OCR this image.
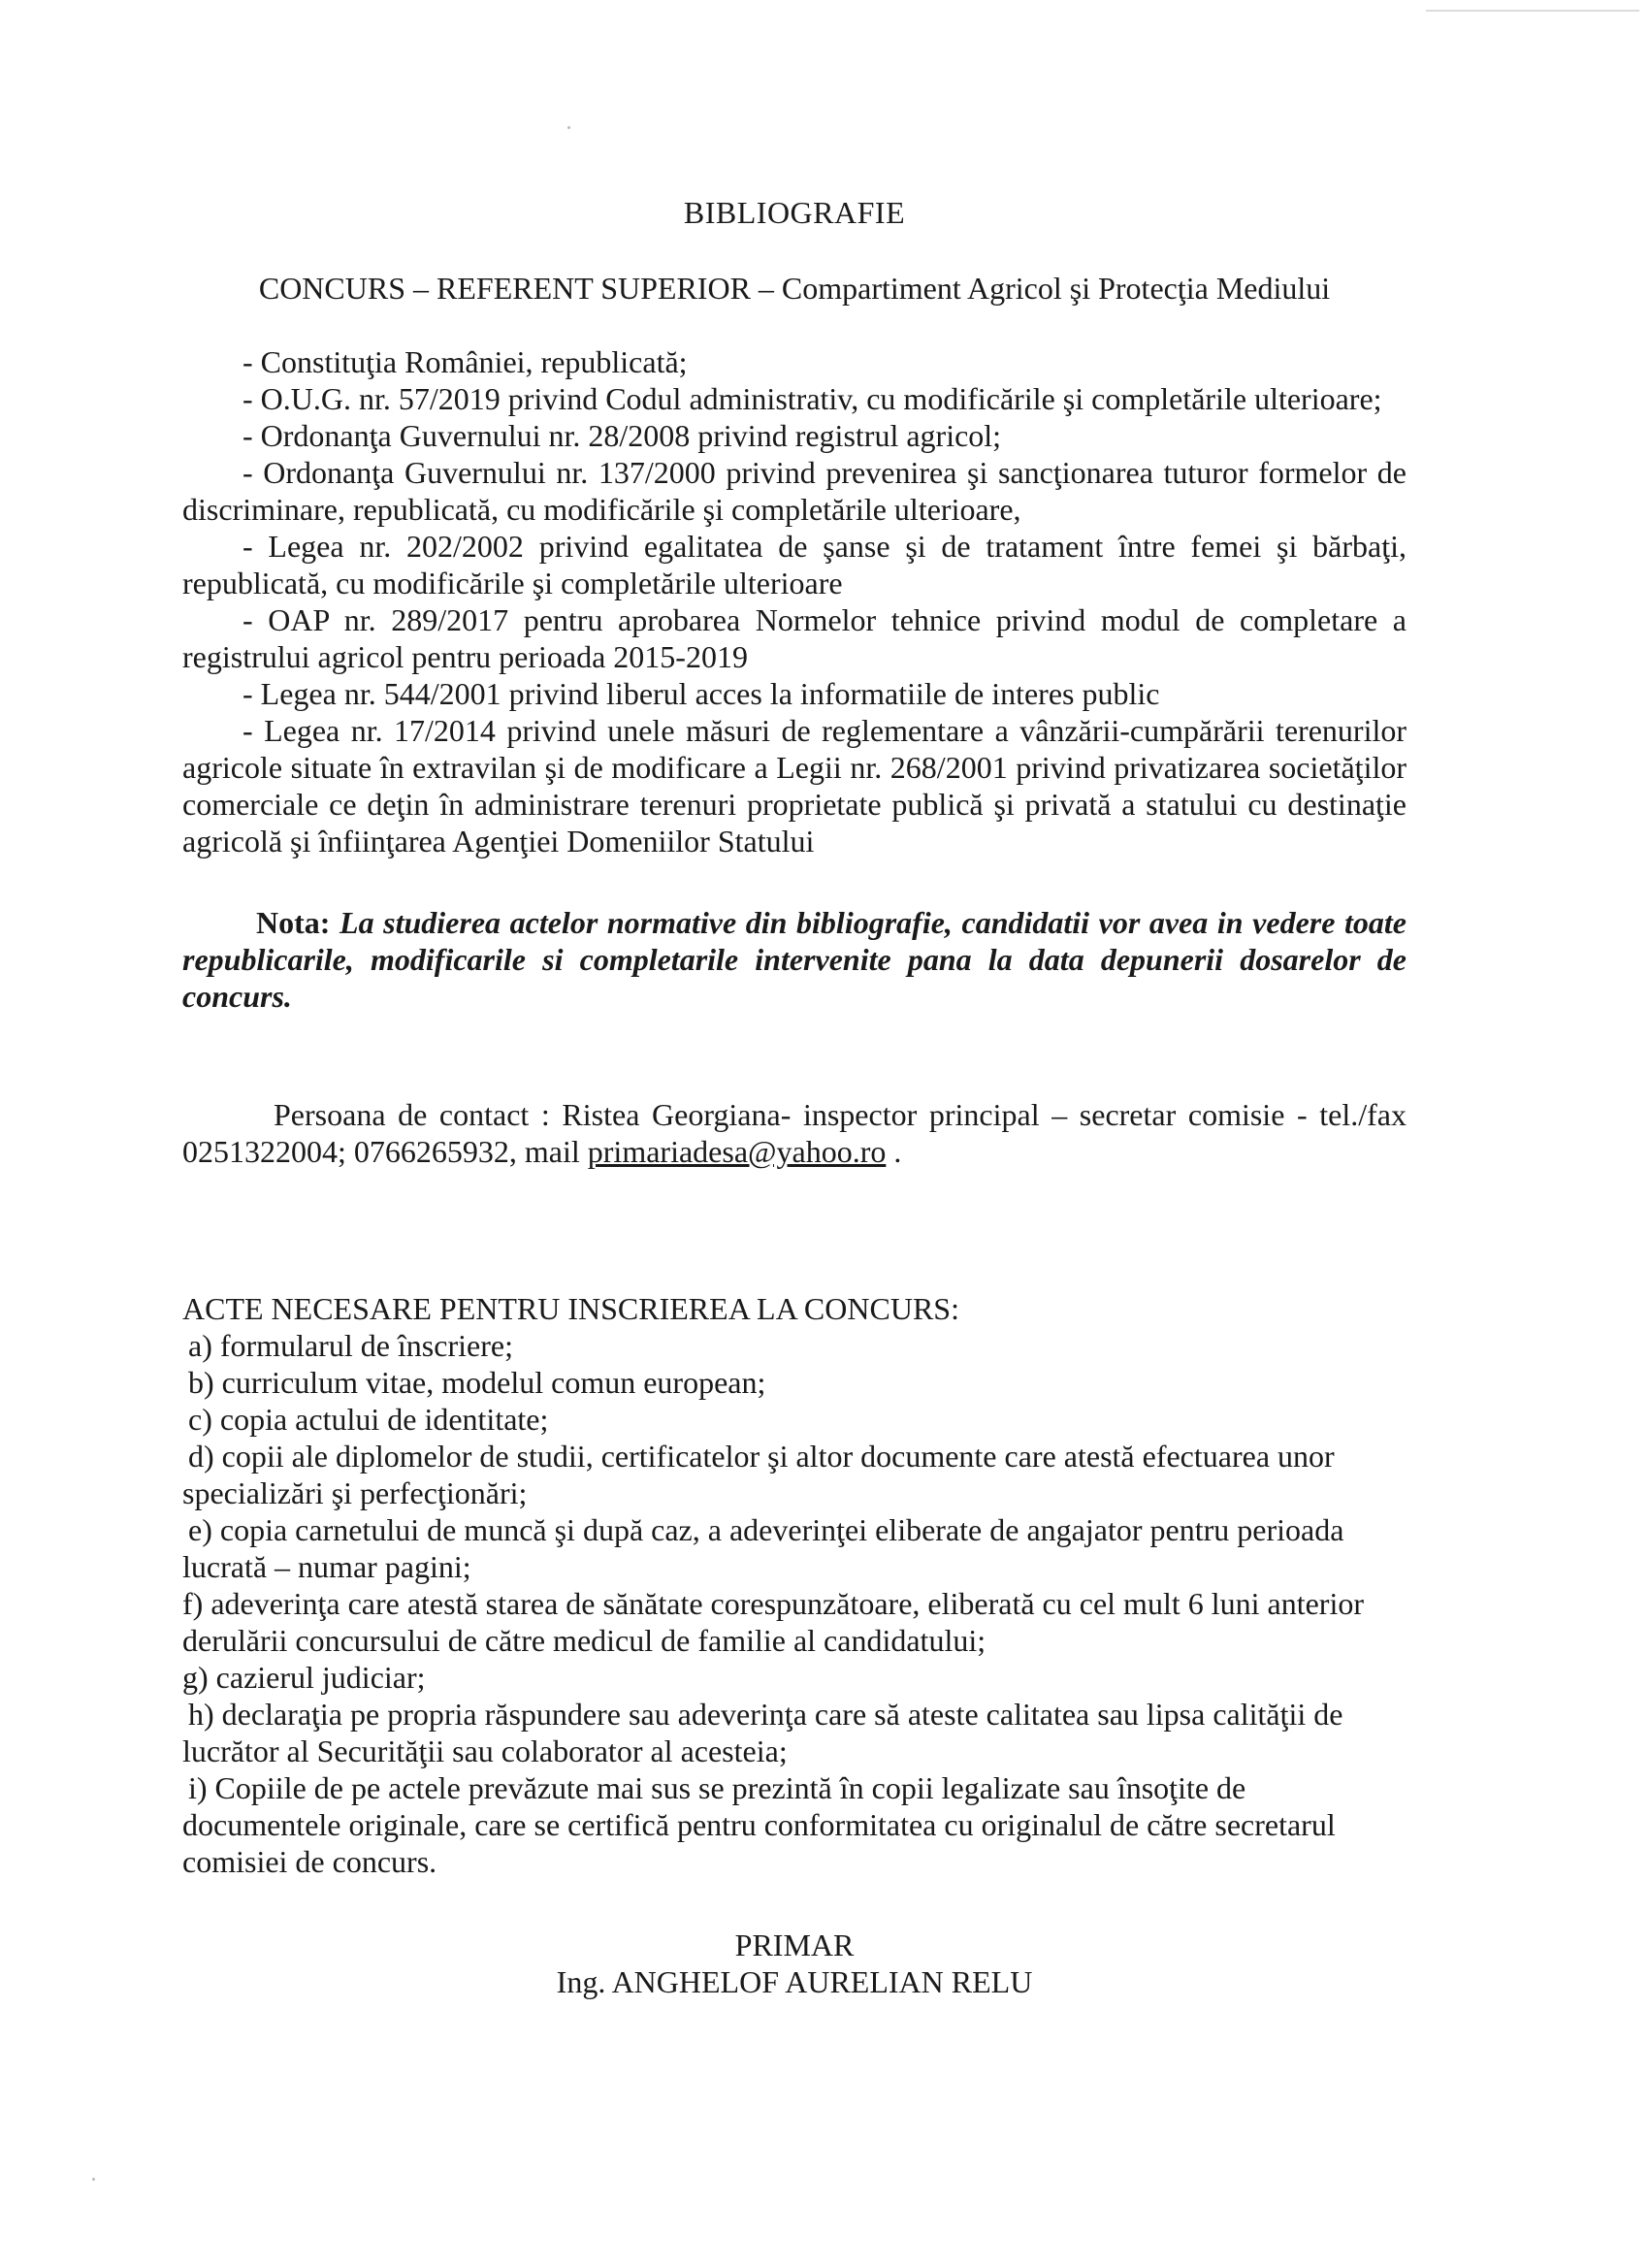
BIBLIOGRAFIE
CONCURS – REFERENT SUPERIOR – Compartiment Agricol şi Protecţia Mediului

- Constituţia României, republicată;

- O.U.G. nr. 57/2019 privind Codul administrativ, cu modificările şi completările ulterioare;

- Ordonanţa Guvernului nr. 28/2008 privind registrul agricol;

- Ordonanţa Guvernului nr. 137/2000 privind prevenirea şi sancţionarea tuturor formelor de discriminare, republicată, cu modificările şi completările ulterioare,

- Legea nr. 202/2002 privind egalitatea de şanse şi de tratament între femei şi bărbaţi, republicată, cu modificările şi completările ulterioare

- OAP nr. 289/2017 pentru aprobarea Normelor tehnice privind modul de completare a registrului agricol pentru perioada 2015-2019

- Legea nr. 544/2001 privind liberul acces la informatiile de interes public

- Legea nr. 17/2014 privind unele măsuri de reglementare a vânzării-cumpărării terenurilor agricole situate în extravilan şi de modificare a Legii nr. 268/2001 privind privatizarea societăţilor comerciale ce deţin în administrare terenuri proprietate publică şi privată a statului cu destinaţie agricolă şi înfiinţarea Agenţiei Domeniilor Statului

Nota: La studierea actelor normative din bibliografie, candidatii vor avea in vedere toate republicarile, modificarile si completarile intervenite pana la data depunerii dosarelor de concurs.

Persoana de contact : Ristea Georgiana- inspector principal – secretar comisie - tel./fax 0251322004; 0766265932, mail primariadesa@yahoo.ro .

ACTE NECESARE PENTRU INSCRIEREA LA CONCURS:

a) formularul de înscriere;

b) curriculum vitae, modelul comun european;

c) copia actului de identitate;

d) copii ale diplomelor de studii, certificatelor şi altor documente care atestă efectuarea unor specializări şi perfecţionări;

e) copia carnetului de muncă şi după caz, a adeverinţei eliberate de angajator pentru perioada lucrată – numar pagini;

f) adeverinţa care atestă starea de sănătate corespunzătoare, eliberată cu cel mult 6 luni anterior derulării concursului de către medicul de familie al candidatului;

g) cazierul judiciar;

h) declaraţia pe propria răspundere sau adeverinţa care să ateste calitatea sau lipsa calităţii de lucrător al Securităţii sau colaborator al acesteia;

i) Copiile de pe actele prevăzute mai sus se prezintă în copii legalizate sau însoţite de documentele originale, care se certifică pentru conformitatea cu originalul de către secretarul comisiei de concurs.

PRIMAR
Ing. ANGHELOF AURELIAN RELU
